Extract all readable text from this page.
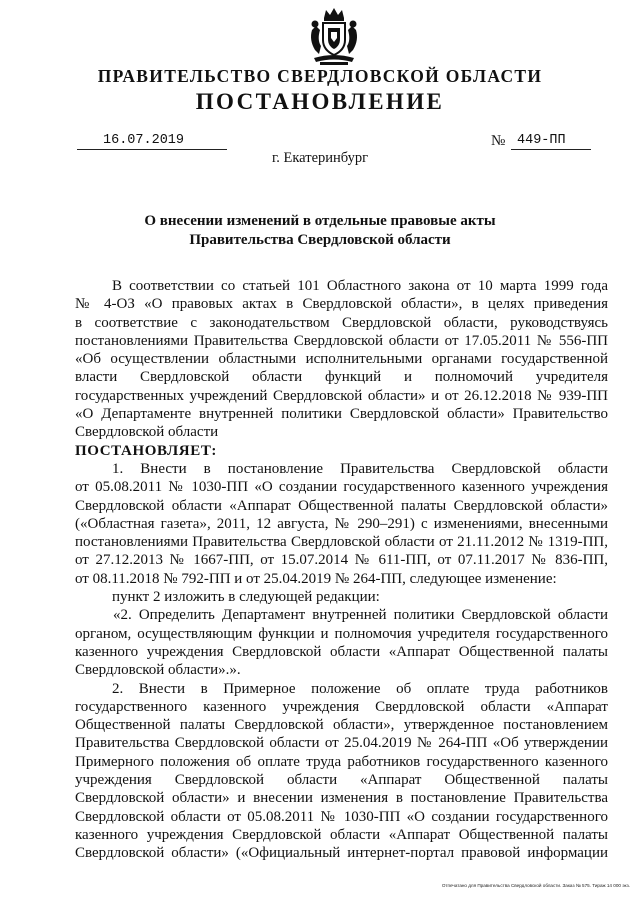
ПРАВИТЕЛЬСТВО СВЕРДЛОВСКОЙ ОБЛАСТИ
ПОСТАНОВЛЕНИЕ
16.07.2019	№ 449-ПП
г. Екатеринбург
О внесении изменений в отдельные правовые акты
Правительства Свердловской области
В соответствии со статьей 101 Областного закона от 10 марта 1999 года
№ 4-ОЗ «О правовых актах в Свердловской области», в целях приведения
в соответствие с законодательством Свердловской области, руководствуясь
постановлениями Правительства Свердловской области от 17.05.2011 № 556-ПП
«Об осуществлении областными исполнительными органами государственной
власти Свердловской области функций и полномочий учредителя
государственных учреждений Свердловской области» и от 26.12.2018 № 939-ПП
«О Департаменте внутренней политики Свердловской области» Правительство
Свердловской области
ПОСТАНОВЛЯЕТ:
1. Внести в постановление Правительства Свердловской области
от 05.08.2011 № 1030-ПП «О создании государственного казенного учреждения
Свердловской области «Аппарат Общественной палаты Свердловской области»
(«Областная газета», 2011, 12 августа, № 290–291) с изменениями, внесенными
постановлениями Правительства Свердловской области от 21.11.2012 № 1319-ПП,
от 27.12.2013 № 1667-ПП, от 15.07.2014 № 611-ПП, от 07.11.2017 № 836-ПП,
от 08.11.2018 № 792-ПП и от 25.04.2019 № 264-ПП, следующее изменение:
пункт 2 изложить в следующей редакции:
«2. Определить Департамент внутренней политики Свердловской области
органом, осуществляющим функции и полномочия учредителя государственного
казенного учреждения Свердловской области «Аппарат Общественной палаты
Свердловской области».».
2. Внести в Примерное положение об оплате труда работников
государственного казенного учреждения Свердловской области «Аппарат
Общественной палаты Свердловской области», утвержденное постановлением
Правительства Свердловской области от 25.04.2019 № 264-ПП «Об утверждении
Примерного положения об оплате труда работников государственного казенного
учреждения Свердловской области «Аппарат Общественной палаты
Свердловской области» и внесении изменения в постановление Правительства
Свердловской области от 05.08.2011 № 1030-ПП «О создании государственного
казенного учреждения Свердловской области «Аппарат Общественной палаты
Свердловской области» («Официальный интернет-портал правовой информации
Отпечатано для Правительства Свердловской области. Заказ № 575. Тираж 14 000 экз.
